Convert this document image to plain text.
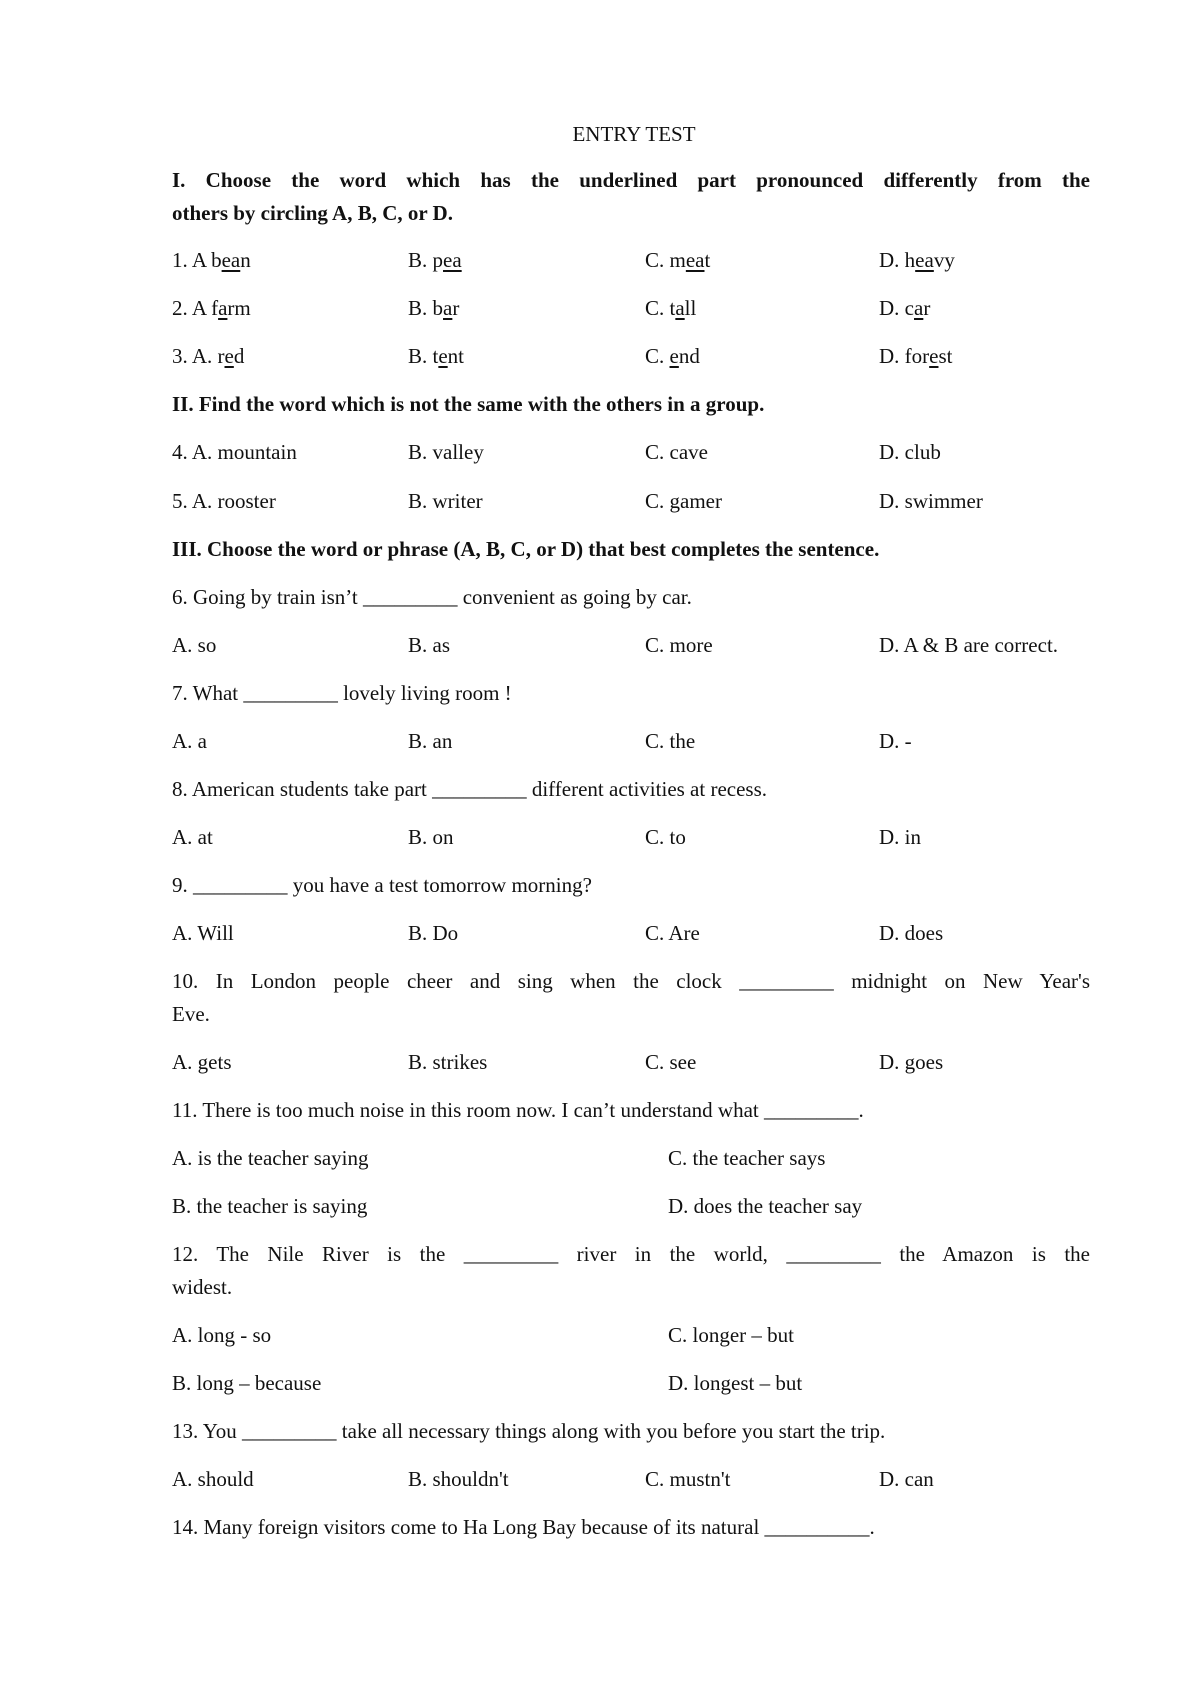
ENTRY TEST
I. Choose the word which has the underlined part pronounced differently from the
others by circling A, B, C, or D.
1. A bean	B. pea	C. meat	D. heavy
2. A farm	B. bar	C. tall	D. car
3. A. red	B. tent	C. end	D. forest
II. Find the word which is not the same with the others in a group.
4. A. mountain	B. valley	C. cave	D. club
5. A. rooster	B. writer	C. gamer	D. swimmer
III. Choose the word or phrase (A, B, C, or D) that best completes the sentence.
6. Going by train isn’t _________ convenient as going by car.
A. so	B. as	C. more	D. A & B are correct.
7. What _________ lovely living room !
A. a	B. an	C. the	D. -
8. American students take part _________ different activities at recess.
A. at	B. on	C. to	D. in
9. _________ you have a test tomorrow morning?
A. Will	B. Do	C. Are	D. does
10. In London people cheer and sing when the clock _________ midnight on New Year's
Eve.
A. gets	B. strikes	C. see	D. goes
11. There is too much noise in this room now. I can’t understand what _________.
A. is the teacher saying	C. the teacher says
B. the teacher is saying	D. does the teacher say
12. The Nile River is the _________ river in the world, _________ the Amazon is the
widest.
A. long - so	C. longer – but
B. long – because	D. longest – but
13. You _________ take all necessary things along with you before you start the trip.
A. should	B. shouldn't	C. mustn't	D. can
14. Many foreign visitors come to Ha Long Bay because of its natural __________.
